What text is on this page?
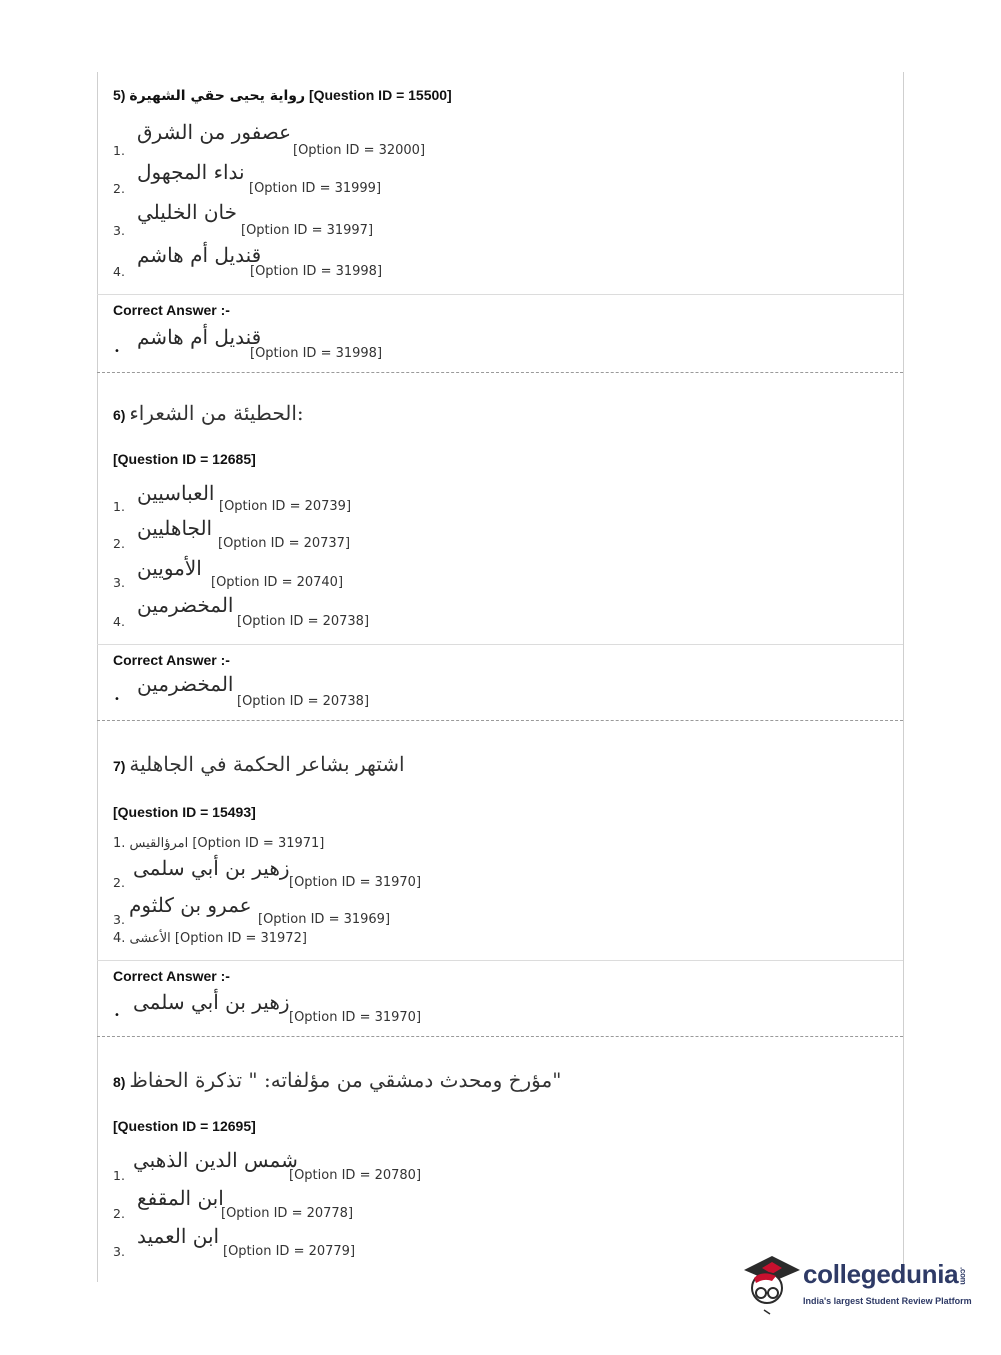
5) رواية يحيى حقي الشهيرة [Question ID = 15500]
1.
عصفور من الشرق
[Option ID = 32000]
2.
نداء المجهول
[Option ID = 31999]
3.
خان الخليلي
[Option ID = 31997]
4.
قنديل أم هاشم
[Option ID = 31998]
Correct Answer :-
•
قنديل أم هاشم
[Option ID = 31998]
6) الحطيئة من الشعراء:
[Question ID = 12685]
1.
العباسيين
[Option ID = 20739]
2.
الجاهليين
[Option ID = 20737]
3.
الأمويين
[Option ID = 20740]
4.
المخضرمين
[Option ID = 20738]
Correct Answer :-
•
المخضرمين
[Option ID = 20738]
7) اشتهر بشاعر الحكمة في الجاهلية
[Question ID = 15493]
1. امرؤالقيس [Option ID = 31971]
2.
زهير بن أبي سلمى
[Option ID = 31970]
3.
عمرو بن كلثوم
[Option ID = 31969]
4. الأعشى [Option ID = 31972]
Correct Answer :-
•
زهير بن أبي سلمى
[Option ID = 31970]
8) مؤرخ ومحدث دمشقي من مؤلفاته: " تذكرة الحفاظ"
[Question ID = 12695]
1.
شمس الدين الذهبي
[Option ID = 20780]
2.
ابن المقفع
[Option ID = 20778]
3.
ابن العميد
[Option ID = 20779]
collegedunia.com
India's largest Student Review Platform
